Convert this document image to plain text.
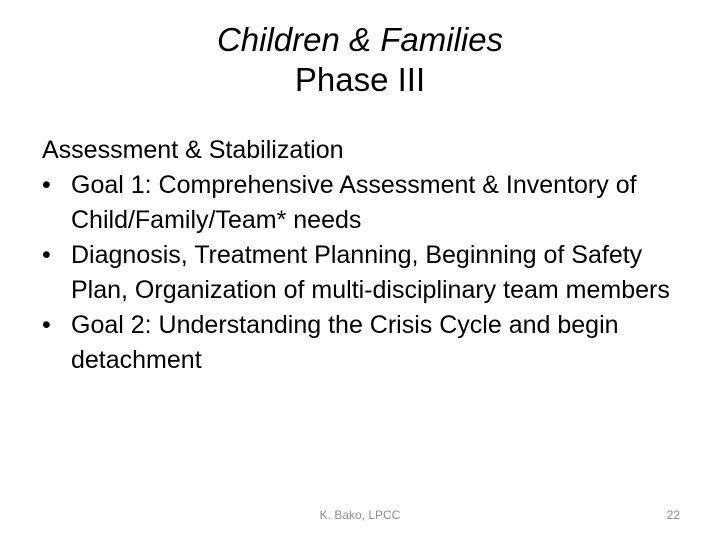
Children & Families
Phase III
Assessment & Stabilization
• Goal 1: Comprehensive Assessment & Inventory of Child/Family/Team* needs
• Diagnosis, Treatment Planning, Beginning of Safety Plan, Organization of multi-disciplinary team members
• Goal 2: Understanding the Crisis Cycle and begin detachment
K. Bako, LPCC	22
